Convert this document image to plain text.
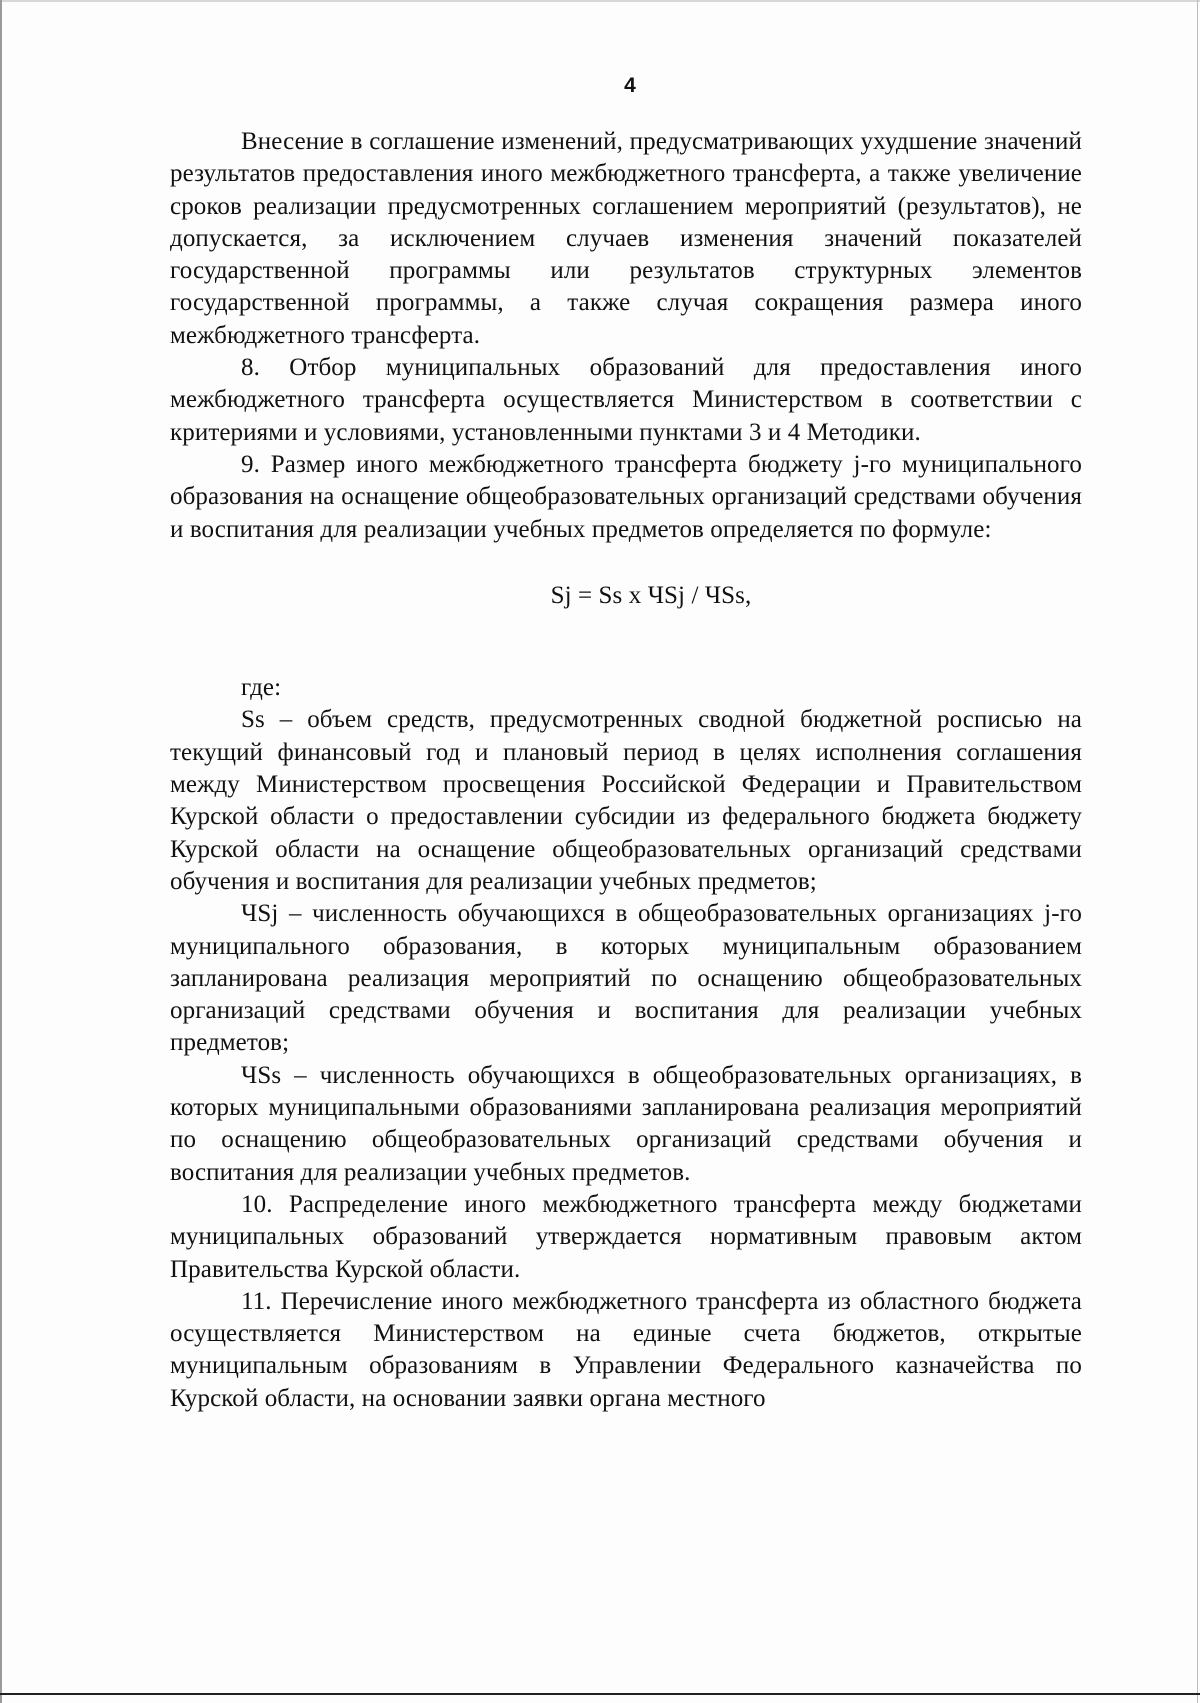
4

Внесение в соглашение изменений, предусматривающих ухудшение значений результатов предоставления иного межбюджетного трансферта, а также увеличение сроков реализации предусмотренных соглашением мероприятий (результатов), не допускается, за исключением случаев изменения значений показателей государственной программы или результатов структурных элементов государственной программы, а также случая сокращения размера иного межбюджетного трансферта.

8. Отбор муниципальных образований для предоставления иного межбюджетного трансферта осуществляется Министерством в соответствии с критериями и условиями, установленными пунктами 3 и 4 Методики.

9. Размер иного межбюджетного трансферта бюджету j-го муниципального образования на оснащение общеобразовательных организаций средствами обучения и воспитания для реализации учебных предметов определяется по формуле:

Sj = Ss х ЧSj / ЧSs,

где:

Ss – объем средств, предусмотренных сводной бюджетной росписью на текущий финансовый год и плановый период в целях исполнения соглашения между Министерством просвещения Российской Федерации и Правительством Курской области о предоставлении субсидии из федерального бюджета бюджету Курской области на оснащение общеобразовательных организаций средствами обучения и воспитания для реализации учебных предметов;

ЧSj – численность обучающихся в общеобразовательных организациях j-го муниципального образования, в которых муниципальным образованием запланирована реализация мероприятий по оснащению общеобразовательных организаций средствами обучения и воспитания для реализации учебных предметов;

ЧSs – численность обучающихся в общеобразовательных организациях, в которых муниципальными образованиями запланирована реализация мероприятий по оснащению общеобразовательных организаций средствами обучения и воспитания для реализации учебных предметов.

10. Распределение иного межбюджетного трансферта между бюджетами муниципальных образований утверждается нормативным правовым актом Правительства Курской области.

11. Перечисление иного межбюджетного трансферта из областного бюджета осуществляется Министерством на единые счета бюджетов, открытые муниципальным образованиям в Управлении Федерального казначейства по Курской области, на основании заявки органа местного
